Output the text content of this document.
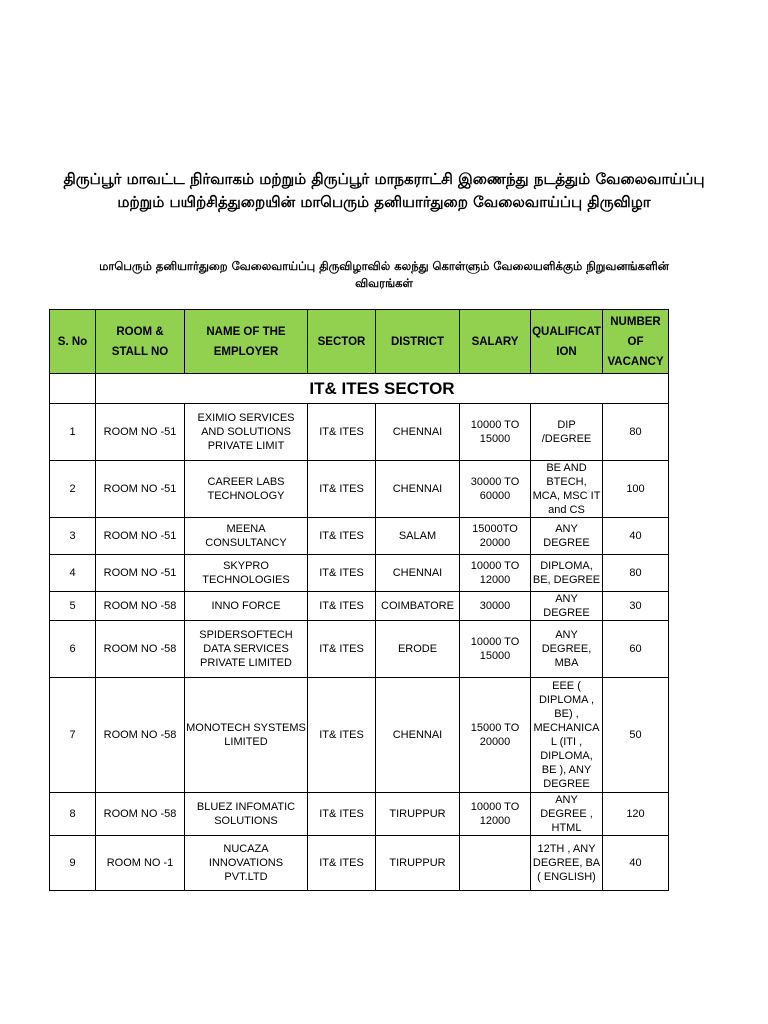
திருப்பூர் மாவட்ட நிர்வாகம் மற்றும் திருப்பூர் மாநகராட்சி இணைந்து நடத்தும் வேலைவாய்ப்பு
மற்றும் பயிற்சித்துறையின் மாபெரும் தனியார்துறை வேலைவாய்ப்பு திருவிழா
மாபெரும் தனியார்துறை வேலைவாய்ப்பு திருவிழாவில் கலந்து கொள்ளும் வேலையளிக்கும் நிறுவனங்களின்
விவரங்கள்
S. No	ROOM & STALL NO	NAME OF THE EMPLOYER	SECTOR	DISTRICT	SALARY	QUALIFICATION	NUMBER OF VACANCY
	IT& ITES SECTOR						
1	ROOM NO -51	EXIMIO SERVICES AND SOLUTIONS PRIVATE LIMIT	IT& ITES	CHENNAI	10000 TO 15000	DIP /DEGREE	80
2	ROOM NO -51	CAREER LABS TECHNOLOGY	IT& ITES	CHENNAI	30000 TO 60000	BE AND BTECH, MCA, MSC IT and CS	100
3	ROOM NO -51	MEENA CONSULTANCY	IT& ITES	SALAM	15000TO 20000	ANY DEGREE	40
4	ROOM NO -51	SKYPRO TECHNOLOGIES	IT& ITES	CHENNAI	10000 TO 12000	DIPLOMA, BE, DEGREE	80
5	ROOM NO -58	INNO FORCE	IT& ITES	COIMBATORE	30000	ANY DEGREE	30
6	ROOM NO -58	SPIDERSOFTECH DATA SERVICES PRIVATE LIMITED	IT& ITES	ERODE	10000 TO 15000	ANY DEGREE, MBA	60
7	ROOM NO -58	MONOTECH SYSTEMS LIMITED	IT& ITES	CHENNAI	15000 TO 20000	EEE ( DIPLOMA , BE) , MECHANICAL (ITI , DIPLOMA, BE ), ANY DEGREE	50
8	ROOM NO -58	BLUEZ INFOMATIC SOLUTIONS	IT& ITES	TIRUPPUR	10000 TO 12000	ANY DEGREE , HTML	120
9	ROOM NO -1	NUCAZA INNOVATIONS PVT.LTD	IT& ITES	TIRUPPUR		12TH , ANY DEGREE, BA ( ENGLISH)	40
